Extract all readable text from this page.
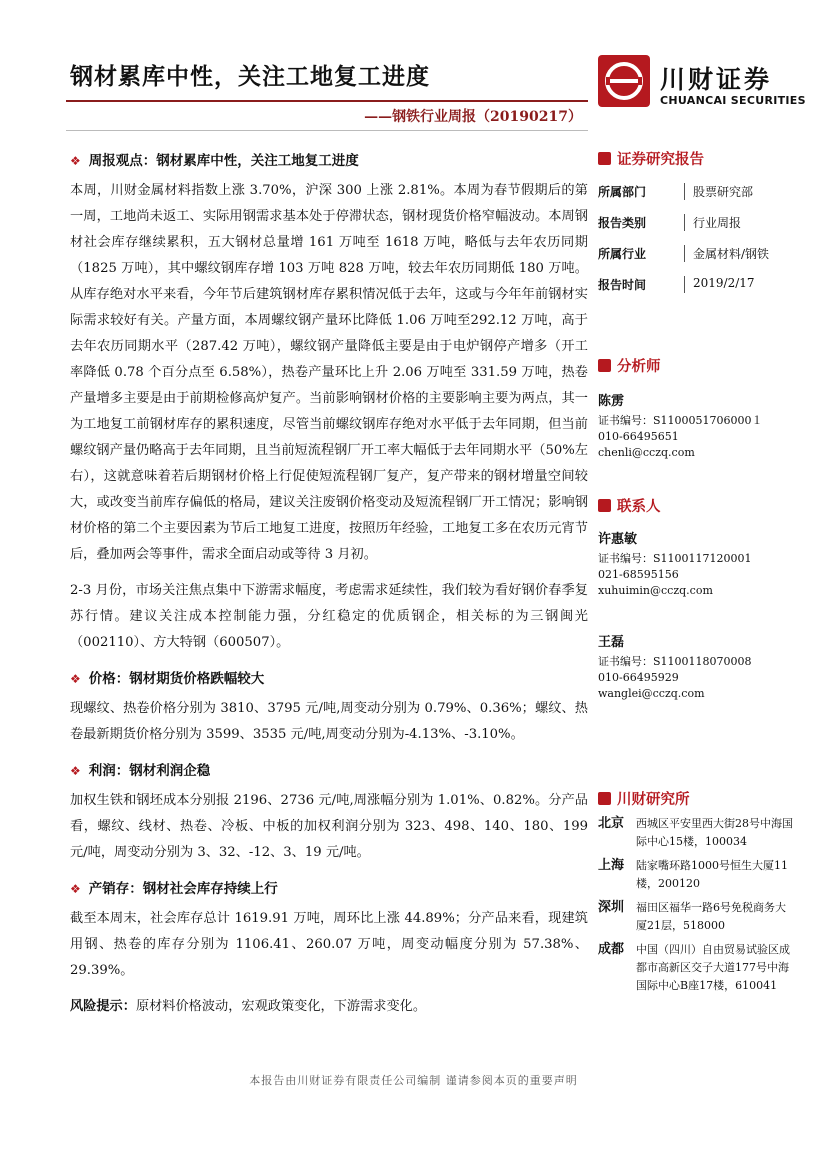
钢材累库中性，关注工地复工进度
——钢铁行业周报（20190217）
川财证券
CHUANCAI SECURITIES
❖ 周报观点：钢材累库中性，关注工地复工进度

本周，川财金属材料指数上涨 3.70%，沪深 300 上涨 2.81%。本周为春节假期后的第一周，工地尚未返工、实际用钢需求基本处于停滞状态，钢材现货价格窄幅波动。本周钢材社会库存继续累积，五大钢材总量增 161 万吨至 1618 万吨，略低与去年农历同期（1825 万吨），其中螺纹钢库存增 103 万吨 828 万吨，较去年农历同期低 180 万吨。从库存绝对水平来看，今年节后建筑钢材库存累积情况低于去年，这或与今年年前钢材实际需求较好有关。产量方面，本周螺纹钢产量环比降低 1.06 万吨至292.12 万吨，高于去年农历同期水平（287.42 万吨），螺纹钢产量降低主要是由于电炉钢停产增多（开工率降低 0.78 个百分点至 6.58%），热卷产量环比上升 2.06 万吨至 331.59 万吨，热卷产量增多主要是由于前期检修高炉复产。当前影响钢材价格的主要影响主要为两点，其一为工地复工前钢材库存的累积速度，尽管当前螺纹钢库存绝对水平低于去年同期，但当前螺纹钢产量仍略高于去年同期，且当前短流程钢厂开工率大幅低于去年同期水平（50%左右），这就意味着若后期钢材价格上行促使短流程钢厂复产，复产带来的钢材增量空间较大，或改变当前库存偏低的格局，建议关注废钢价格变动及短流程钢厂开工情况；影响钢材价格的第二个主要因素为节后工地复工进度，按照历年经验，工地复工多在农历元宵节后，叠加两会等事件，需求全面启动或等待 3 月初。

2-3 月份，市场关注焦点集中下游需求幅度，考虑需求延续性，我们较为看好钢价春季复苏行情。建议关注成本控制能力强，分红稳定的优质钢企，相关标的为三钢闽光（002110）、方大特钢（600507）。

❖ 价格：钢材期货价格跌幅较大

现螺纹、热卷价格分别为 3810、3795 元/吨,周变动分别为 0.79%、0.36%；螺纹、热卷最新期货价格分别为 3599、3535 元/吨,周变动分别为-4.13%、-3.10%。

❖ 利润：钢材利润企稳

加权生铁和钢坯成本分别报 2196、2736 元/吨,周涨幅分别为 1.01%、0.82%。分产品看，螺纹、线材、热卷、冷板、中板的加权利润分别为 323、498、140、180、199 元/吨，周变动分别为 3、32、-12、3、19 元/吨。

❖ 产销存：钢材社会库存持续上行

截至本周末，社会库存总计 1619.91 万吨，周环比上涨 44.89%；分产品来看，现建筑用钢、热卷的库存分别为 1106.41、260.07 万吨，周变动幅度分别为 57.38%、29.39%。

风险提示：原材料价格波动，宏观政策变化，下游需求变化。

证券研究报告
所属部门	股票研究部
报告类别	行业周报
所属行业	金属材料/钢铁
报告时间	2019/2/17
分析师
陈雳
证书编号：S1100051706000１
010-66495651
chenli@cczq.com
联系人
许惠敏
证书编号：S1100117120001
021-68595156
xuhuimin@cczq.com
王磊
证书编号：S1100118070008
010-66495929
wanglei@cczq.com
川财研究所
北京	西城区平安里西大街28号中海国际中心15楼，100034
上海	陆家嘴环路1000号恒生大厦11楼，200120
深圳	福田区福华一路6号免税商务大厦21层，518000
成都	中国（四川）自由贸易试验区成都市高新区交子大道177号中海国际中心B座17楼，610041
本报告由川财证券有限责任公司编制 谨请参阅本页的重要声明
